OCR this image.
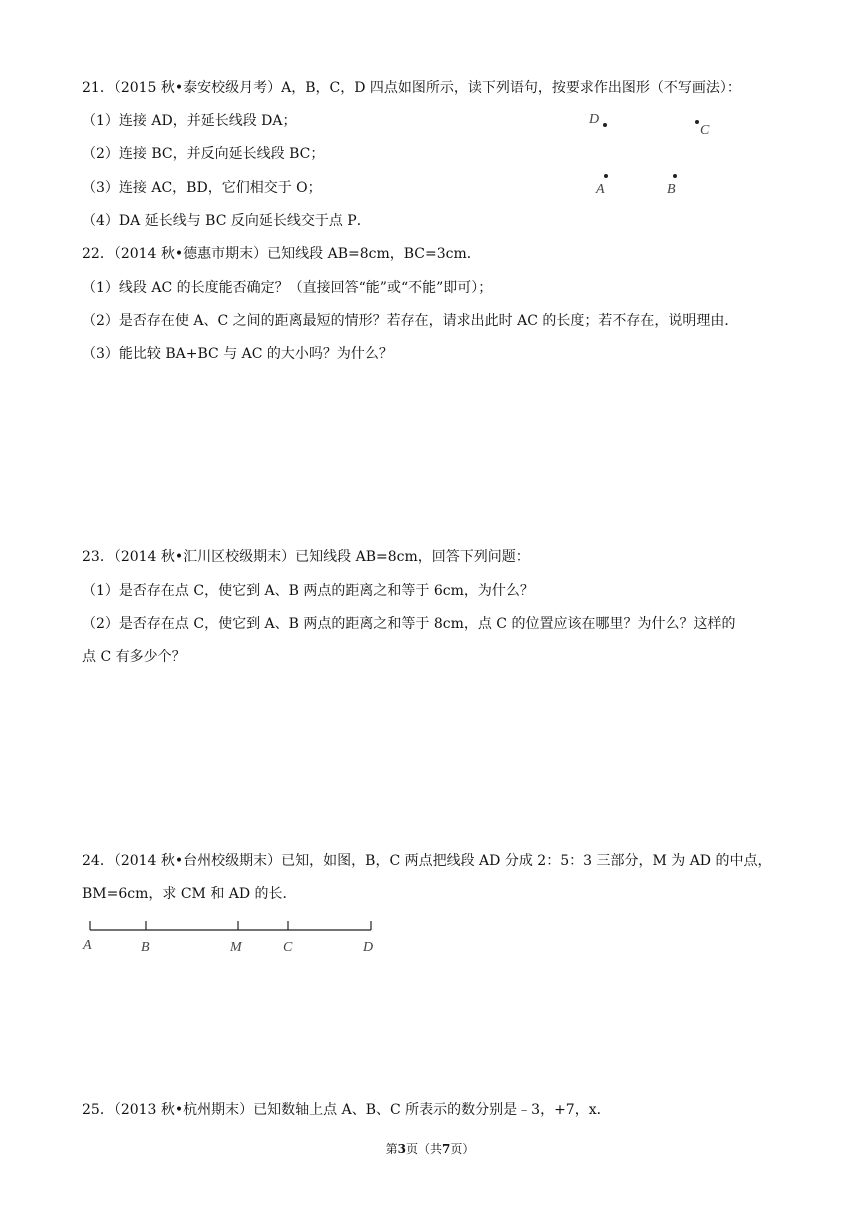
21．（2015 秋•泰安校级月考）A，B，C，D 四点如图所示，读下列语句，按要求作出图形（不写画法）：
（1）连接 AD，并延长线段 DA；
（2）连接 BC，并反向延长线段 BC；
（3）连接 AC，BD，它们相交于 O；
（4）DA 延长线与 BC 反向延长线交于点 P．
D
C
A	B
22．（2014 秋•德惠市期末）已知线段 AB=8cm，BC=3cm．
（1）线段 AC 的长度能否确定？（直接回答“能”或“不能”即可）；
（2）是否存在使 A、C 之间的距离最短的情形？若存在，请求出此时 AC 的长度；若不存在，说明理由．
（3）能比较 BA+BC 与 AC 的大小吗？为什么？
23．（2014 秋•汇川区校级期末）已知线段 AB=8cm，回答下列问题：
（1）是否存在点 C，使它到 A、B 两点的距离之和等于 6cm，为什么？
（2）是否存在点 C，使它到 A、B 两点的距离之和等于 8cm，点 C 的位置应该在哪里？为什么？这样的
点 C 有多少个？
24．（2014 秋•台州校级期末）已知，如图，B，C 两点把线段 AD 分成 2：5：3 三部分，M 为 AD 的中点，
BM=6cm，求 CM 和 AD 的长．
A	B	M	C	D
25．（2013 秋•杭州期末）已知数轴上点 A、B、C 所表示的数分别是﹣3，+7，x．
第3页（共7页）
